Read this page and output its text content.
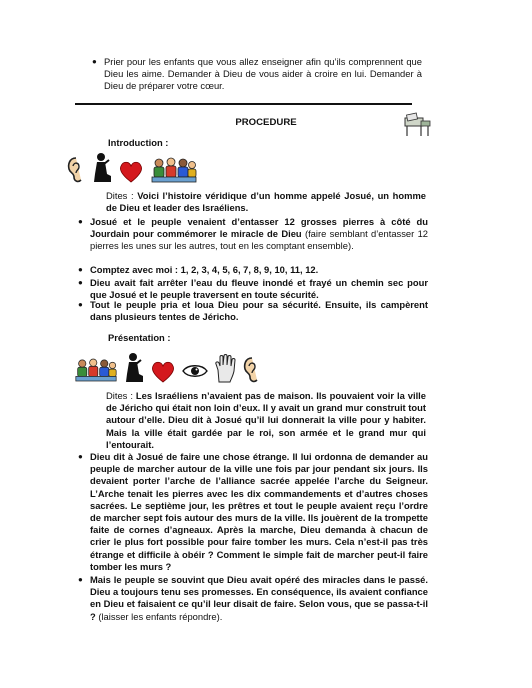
● Prier pour les enfants que vous allez enseigner afin qu’ils comprennent que Dieu les aime. Demander à Dieu de vous aider à croire en lui. Demander à Dieu de préparer votre cœur.
PROCEDURE
Introduction :
Dites : Voici l’histoire véridique d’un homme appelé Josué, un homme de Dieu et leader des Israéliens.
● Josué et le peuple venaient d’entasser 12 grosses pierres à côté du Jourdain pour commémorer le miracle de Dieu (faire semblant d’entasser 12 pierres les unes sur les autres, tout en les comptant ensemble).
● Comptez avec moi : 1, 2, 3, 4, 5, 6, 7, 8, 9, 10, 11, 12.
● Dieu avait fait arrêter l’eau du fleuve inondé et frayé un chemin sec pour que Josué et le peuple traversent en toute sécurité.
● Tout le peuple pria et loua Dieu pour sa sécurité. Ensuite, ils campèrent dans plusieurs tentes de Jéricho.
Présentation :
Dites : Les Israéliens n’avaient pas de maison. Ils pouvaient voir la ville de Jéricho qui était non loin d’eux. Il y avait un grand mur construit tout autour d’elle. Dieu dit à Josué qu’il lui donnerait la ville pour y habiter. Mais la ville était gardée par le roi, son armée et le grand mur qui l’entourait.
● Dieu dit à Josué de faire une chose étrange. Il lui ordonna de demander au peuple de marcher autour de la ville une fois par jour pendant six jours. Ils devaient porter l’arche de l’alliance sacrée appelée l’arche du Seigneur. L’Arche tenait les pierres avec les dix commandements et d’autres choses sacrées. Le septième jour, les prêtres et tout le peuple avaient reçu l’ordre de marcher sept fois autour des murs de la ville. Ils jouèrent de la trompette faite de cornes d’agneaux. Après la marche, Dieu demanda à chacun de crier le plus fort possible pour faire tomber les murs. Cela n’est-il pas très étrange et difficile à obéir ? Comment le simple fait de marcher peut-il faire tomber les murs ?
● Mais le peuple se souvint que Dieu avait opéré des miracles dans le passé. Dieu a toujours tenu ses promesses. En conséquence, ils avaient confiance en Dieu et faisaient ce qu’il leur disait de faire. Selon vous, que se passa-t-il ? (laisser les enfants répondre).
